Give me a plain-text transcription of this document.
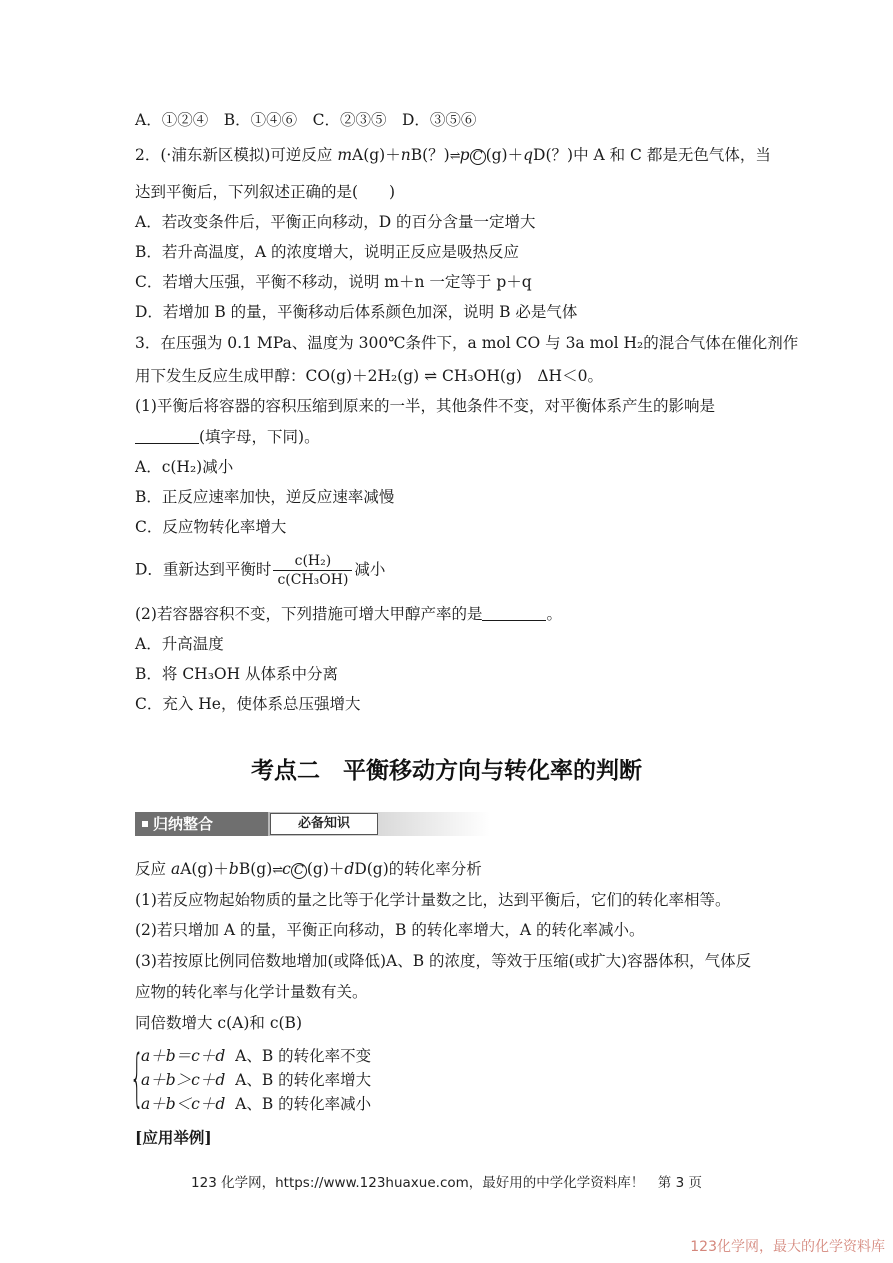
A．①②④　B．①④⑥　C．②③⑤　D．③⑤⑥
2．(·浦东新区模拟)可逆反应 mA(g)＋nB(？)⇌p C (g)＋qD(？)中 A 和 C 都是无色气体，当
达到平衡后，下列叙述正确的是(　　)
A．若改变条件后，平衡正向移动，D 的百分含量一定增大
B．若升高温度，A 的浓度增大，说明正反应是吸热反应
C．若增大压强，平衡不移动，说明 m＋n 一定等于 p＋q
D．若增加 B 的量，平衡移动后体系颜色加深，说明 B 必是气体
3．在压强为 0.1 MPa、温度为 300℃条件下，a mol CO 与 3a mol H₂的混合气体在催化剂作
用下发生反应生成甲醇：CO(g)＋2H₂(g) ⇌ CH₃OH(g)　ΔH＜0。
(1)平衡后将容器的容积压缩到原来的一半，其他条件不变，对平衡体系产生的影响是
(填字母，下同)。
A．c(H₂)减小
B．正反应速率加快，逆反应速率减慢
C．反应物转化率增大
D．重新达到平衡时 $\frac{\text{c(H₂)}}{\text{c(CH₃OH)}}$ 减小
(2)若容器容积不变，下列措施可增大甲醇产率的是	。
A．升高温度
B．将 CH₃OH 从体系中分离
C．充入 He，使体系总压强增大
考点二　平衡移动方向与转化率的判断
归纳整合	必备知识
反应 aA(g)＋bB(g)⇌c C (g)＋dD(g)的转化率分析
(1)若反应物起始物质的量之比等于化学计量数之比，达到平衡后，它们的转化率相等。
(2)若只增加 A 的量，平衡正向移动，B 的转化率增大，A 的转化率减小。
(3)若按原比例同倍数地增加(或降低)A、B 的浓度，等效于压缩(或扩大)容器体积，气体反
应物的转化率与化学计量数有关。
同倍数增大 c(A)和 c(B)
{
a＋b＝c＋d A、B 的转化率不变
a＋b＞c＋d A、B 的转化率增大
a＋b＜c＋d A、B 的转化率减小
[应用举例]
123 化学网，https://www.123huaxue.com，最好用的中学化学资料库！　第 3 页
123化学网，最大的化学资料库
